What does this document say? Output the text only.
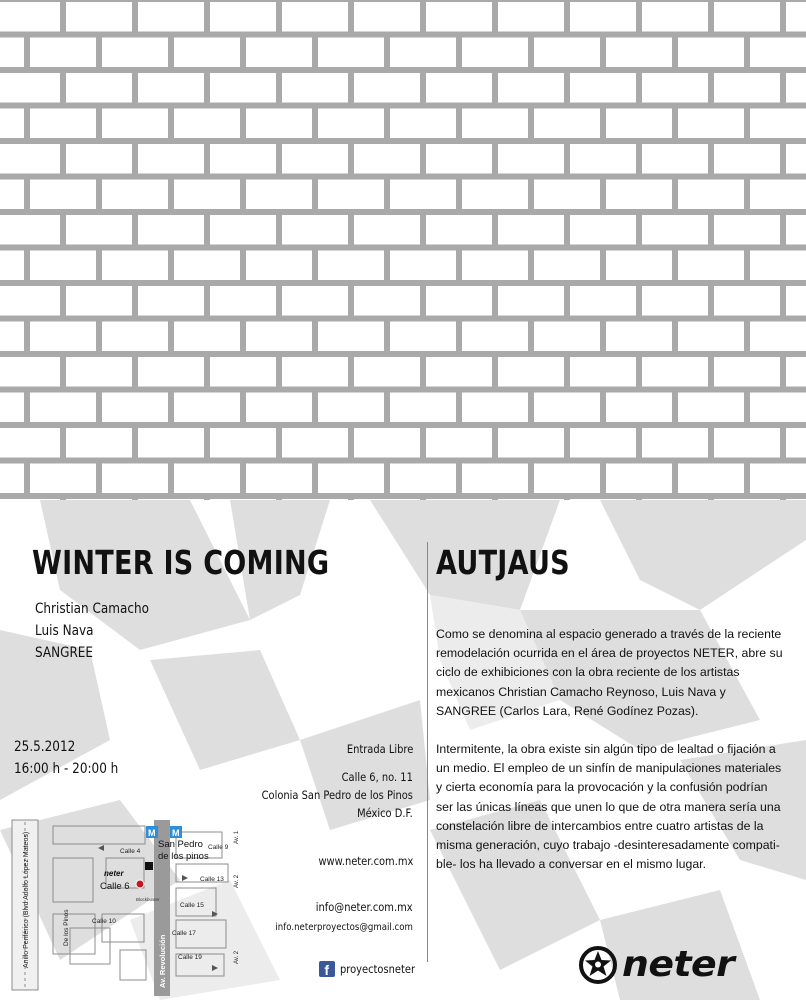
WINTER IS COMING
Christian Camacho
Luis Nava
SANGREE
25.5.2012
16:00 h - 20:00 h
Entrada Libre
Calle 6, no. 11
Colonia San Pedro de los Pinos
México D.F.
www.neter.com.mx
info@neter.com.mx
info.neterproyectos@gmail.com
f proyectosneter
Anillo Periférico (Blvd Adolfo López Mateos)	Av. Revolución
M M
San Pedro
de los pinos
Calle 4
Calle 9
Calle 13
Calle 15
Calle 10
Calle 17
Calle 19
Av. 1
Av. 2
Av. 2
De los Pinos
neter
Calle 6
Blockbuster
AUTJAUS
Como se denomina al espacio generado a través de la reciente
remodelación ocurrida en el área de proyectos NETER, abre su
ciclo de exhibiciones con la obra reciente de los artistas
mexicanos Christian Camacho Reynoso, Luis Nava y
SANGREE (Carlos Lara, René Godínez Pozas).
Intermitente, la obra existe sin algún tipo de lealtad o fijación a
un medio. El empleo de un sinfín de manipulaciones materiales
y cierta economía para la provocación y la confusión podrían
ser las únicas líneas que unen lo que de otra manera sería una
constelación libre de intercambios entre cuatro artistas de la
misma generación, cuyo trabajo -desinteresadamente compati-
ble- los ha llevado a conversar en el mismo lugar.
neter
